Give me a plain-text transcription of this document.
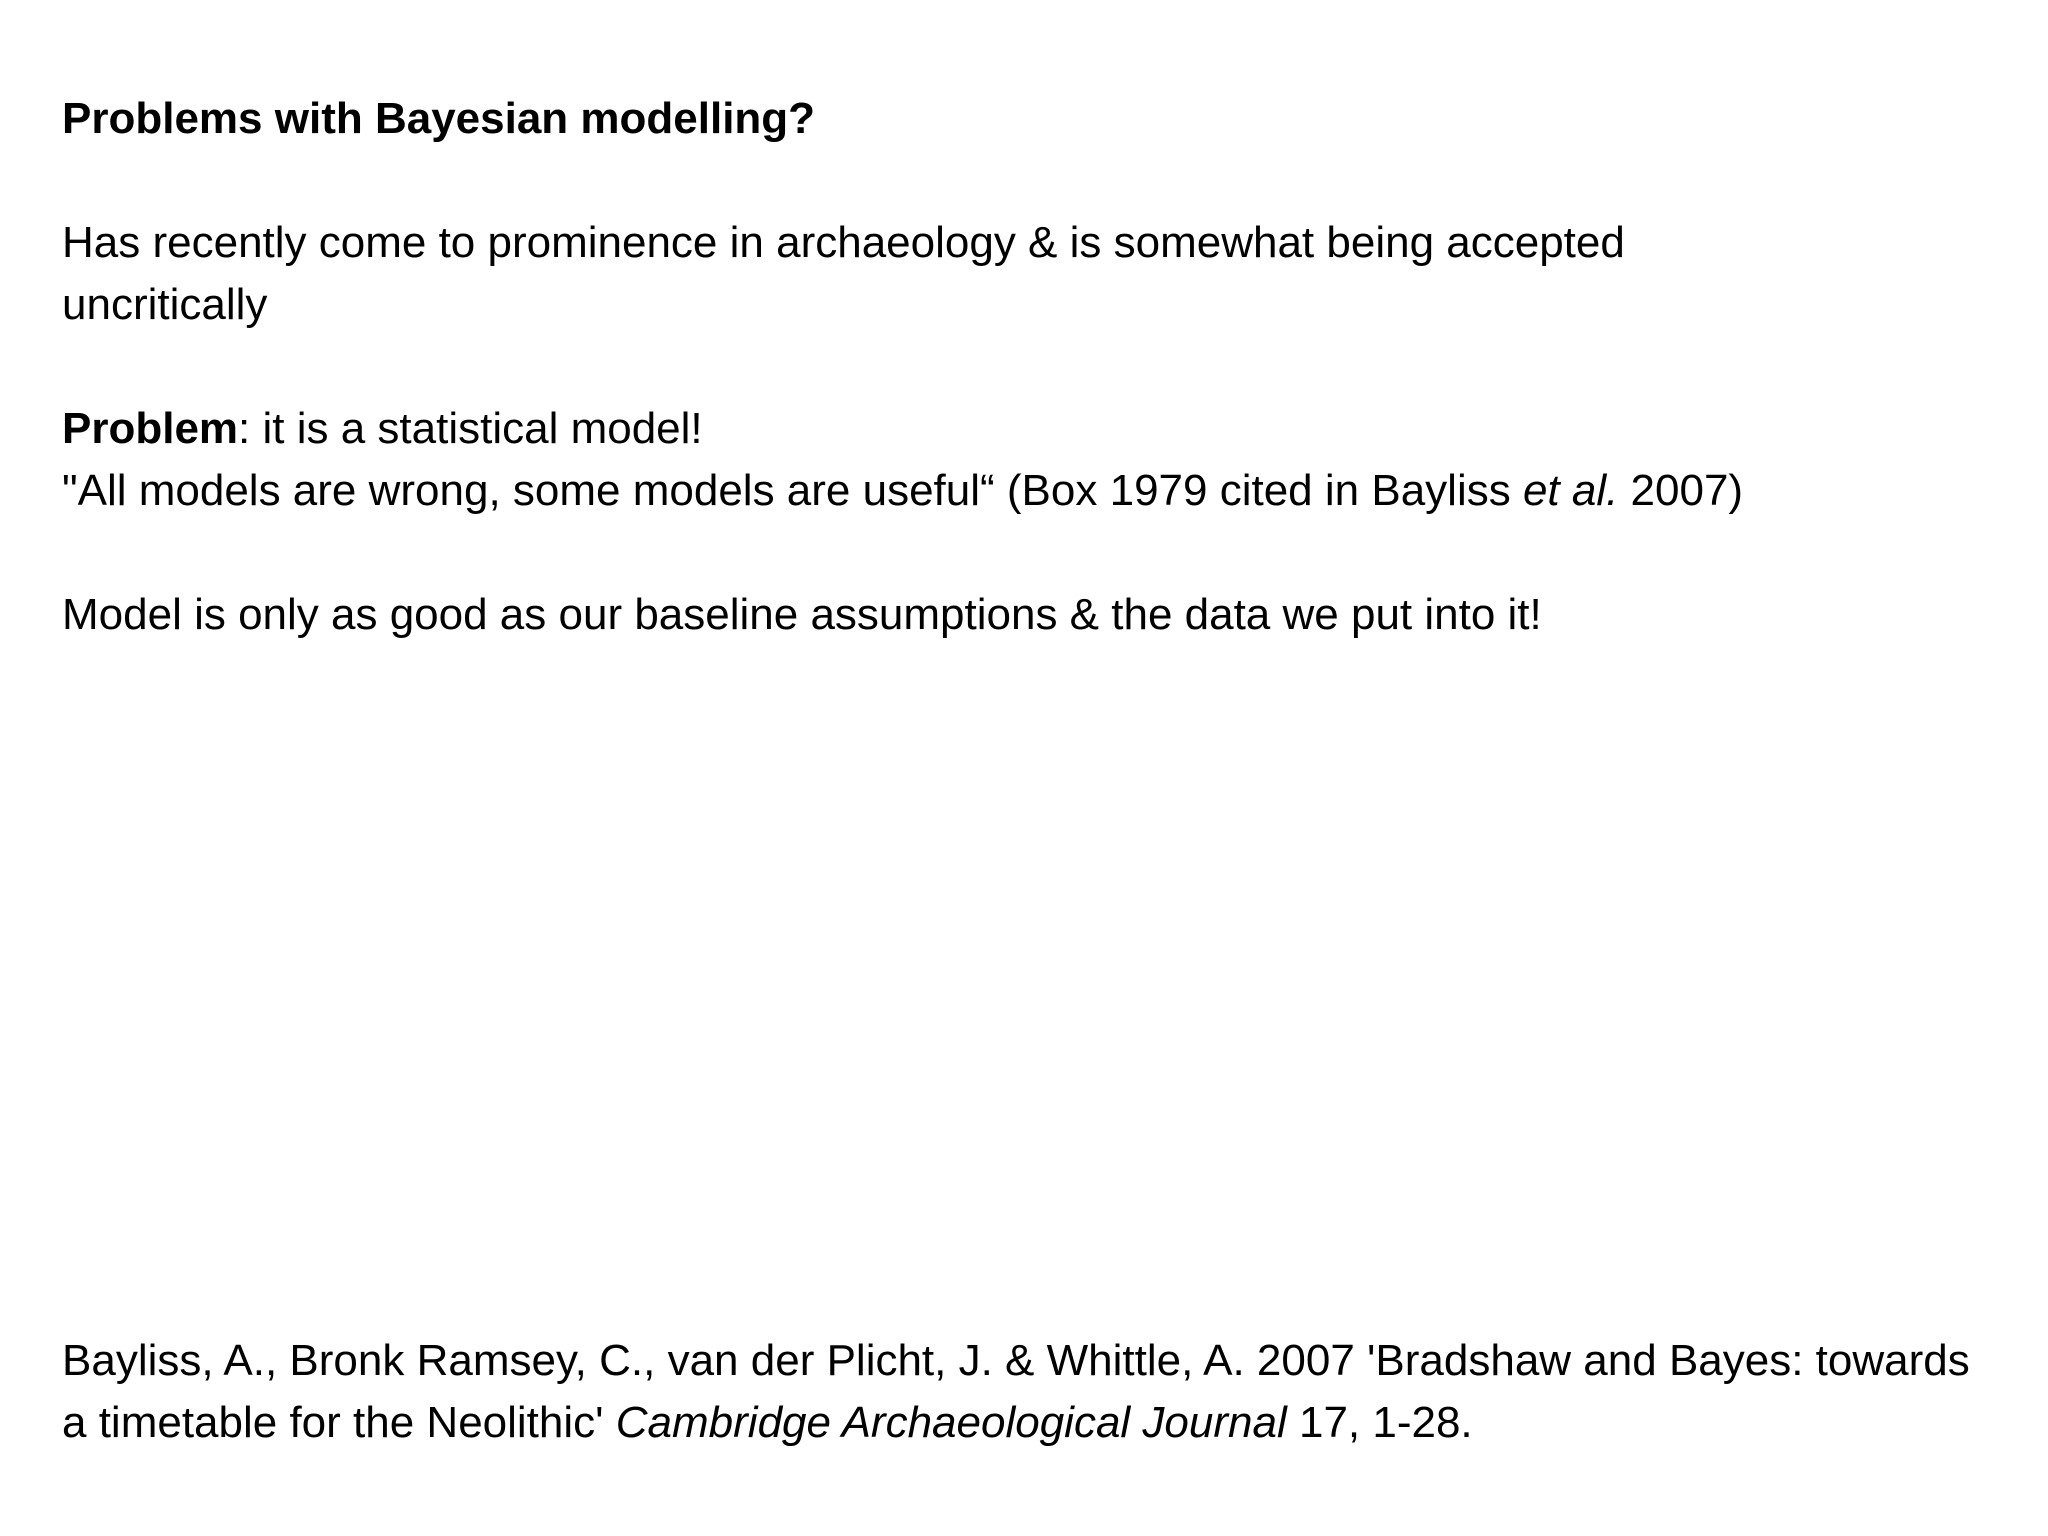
Problems with Bayesian modelling?

Has recently come to prominence in archaeology & is somewhat being accepted uncritically

Problem: it is a statistical model!

"All models are wrong, some models are useful“ (Box 1979 cited in Bayliss et al. 2007)

Model is only as good as our baseline assumptions & the data we put into it!

Bayliss, A., Bronk Ramsey, C., van der Plicht, J. & Whittle, A. 2007 'Bradshaw and Bayes: towards a timetable for the Neolithic' Cambridge Archaeological Journal 17, 1-28.
